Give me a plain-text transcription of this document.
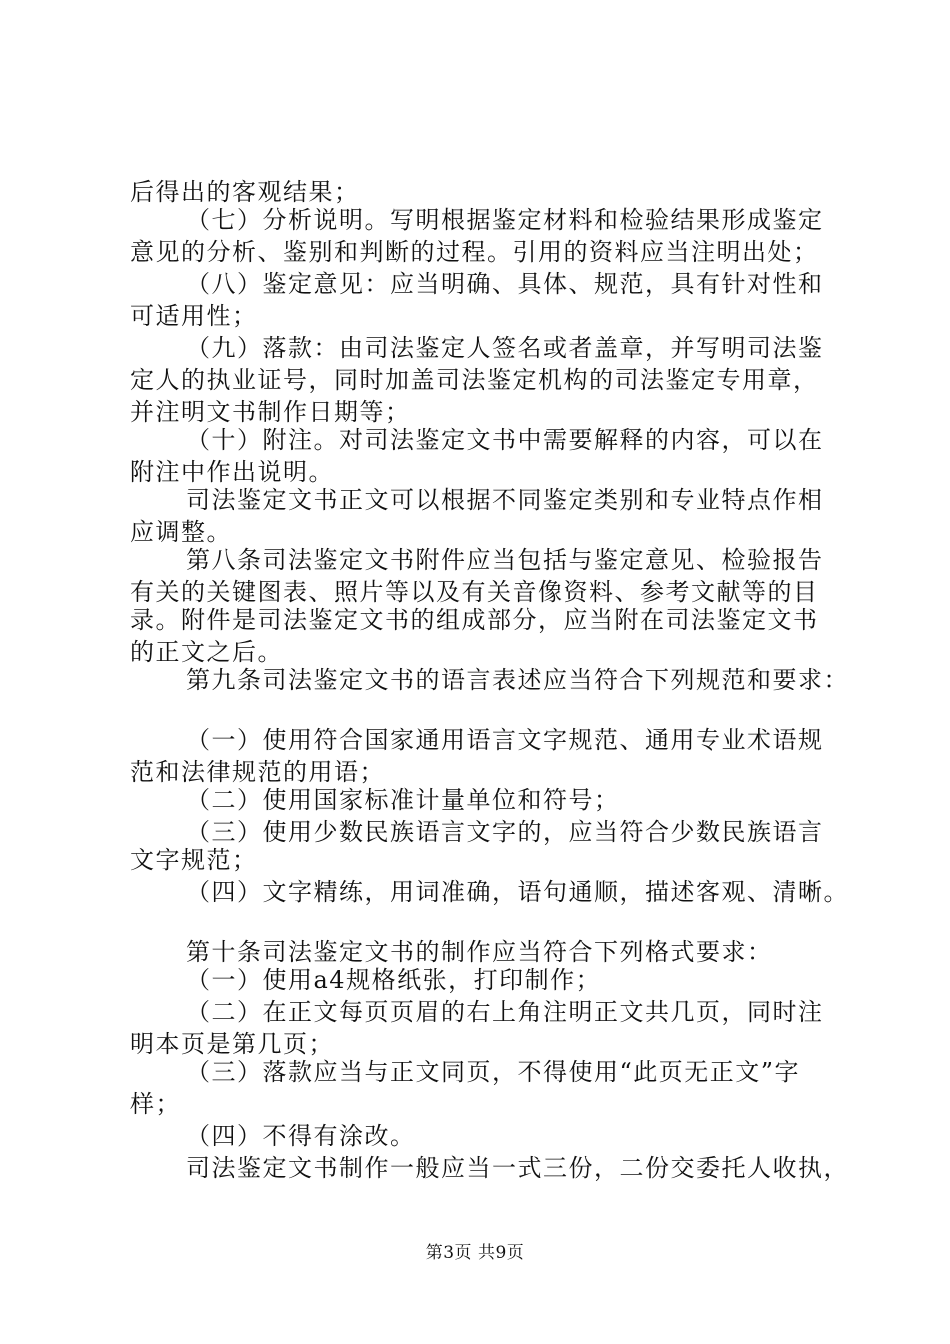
后得出的客观结果；
（七）分析说明。写明根据鉴定材料和检验结果形成鉴定
意见的分析、鉴别和判断的过程。引用的资料应当注明出处；
（八）鉴定意见：应当明确、具体、规范，具有针对性和
可适用性；
（九）落款：由司法鉴定人签名或者盖章，并写明司法鉴
定人的执业证号，同时加盖司法鉴定机构的司法鉴定专用章，
并注明文书制作日期等；
（十）附注。对司法鉴定文书中需要解释的内容，可以在
附注中作出说明。
司法鉴定文书正文可以根据不同鉴定类别和专业特点作相
应调整。
第八条司法鉴定文书附件应当包括与鉴定意见、检验报告
有关的关键图表、照片等以及有关音像资料、参考文献等的目
录。附件是司法鉴定文书的组成部分，应当附在司法鉴定文书
的正文之后。
第九条司法鉴定文书的语言表述应当符合下列规范和要求：
（一）使用符合国家通用语言文字规范、通用专业术语规
范和法律规范的用语；
（二）使用国家标准计量单位和符号；
（三）使用少数民族语言文字的，应当符合少数民族语言
文字规范；
（四）文字精练，用词准确，语句通顺，描述客观、清晰。
第十条司法鉴定文书的制作应当符合下列格式要求：
（一）使用a4规格纸张，打印制作；
（二）在正文每页页眉的右上角注明正文共几页，同时注
明本页是第几页；
（三）落款应当与正文同页，不得使用“此页无正文”字
样；
（四）不得有涂改。
司法鉴定文书制作一般应当一式三份，二份交委托人收执，
第3页 共9页
